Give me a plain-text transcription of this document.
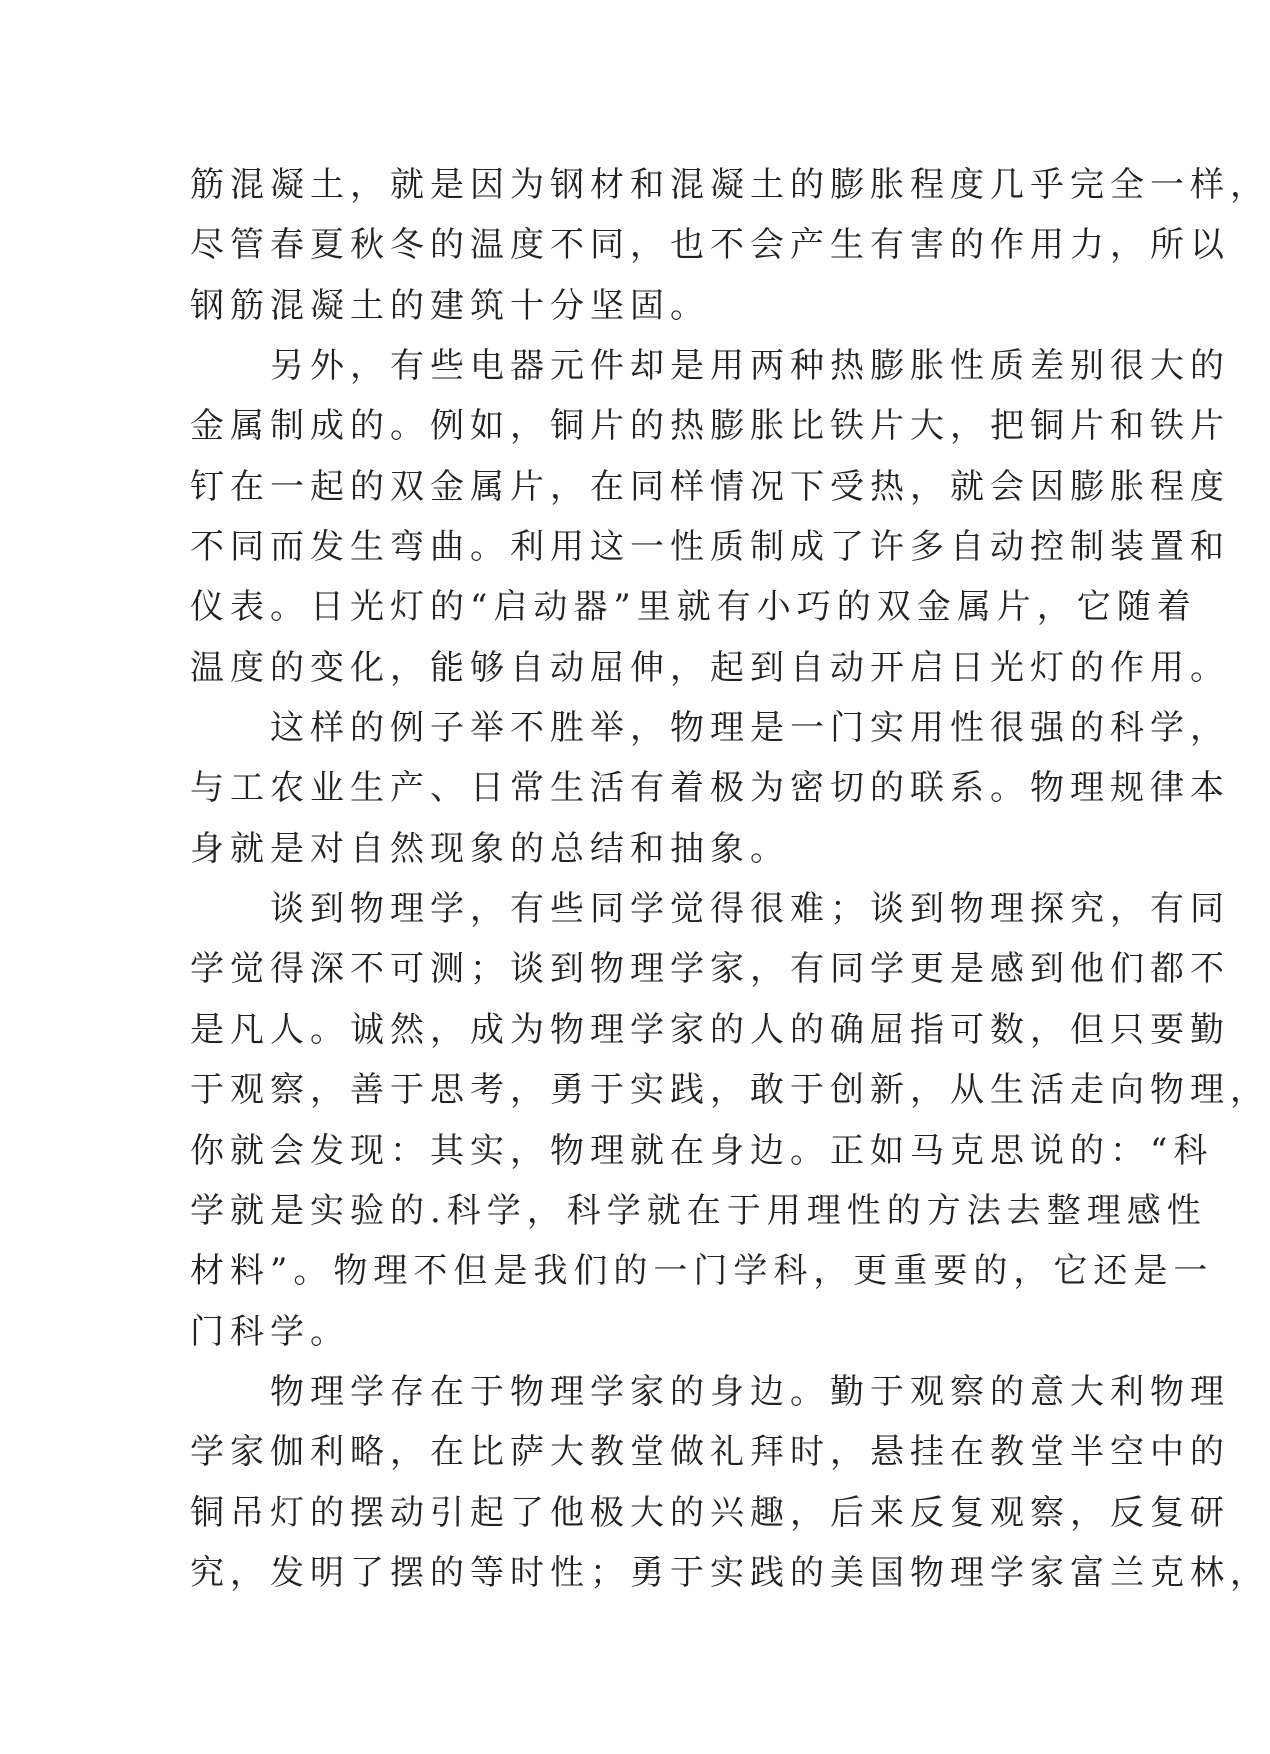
筋混凝土，就是因为钢材和混凝土的膨胀程度几乎完全一样，
尽管春夏秋冬的温度不同，也不会产生有害的作用力，所以
钢筋混凝土的建筑十分坚固。
　　另外，有些电器元件却是用两种热膨胀性质差别很大的
金属制成的。例如，铜片的热膨胀比铁片大，把铜片和铁片
钉在一起的双金属片，在同样情况下受热，就会因膨胀程度
不同而发生弯曲。利用这一性质制成了许多自动控制装置和
仪表。日光灯的“启动器”里就有小巧的双金属片，它随着
温度的变化，能够自动屈伸，起到自动开启日光灯的作用。
　　这样的例子举不胜举，物理是一门实用性很强的科学，
与工农业生产、日常生活有着极为密切的联系。物理规律本
身就是对自然现象的总结和抽象。
　　谈到物理学，有些同学觉得很难；谈到物理探究，有同
学觉得深不可测；谈到物理学家，有同学更是感到他们都不
是凡人。诚然，成为物理学家的人的确屈指可数，但只要勤
于观察，善于思考，勇于实践，敢于创新，从生活走向物理，
你就会发现：其实，物理就在身边。正如马克思说的：“科
学就是实验的.科学，科学就在于用理性的方法去整理感性
材料”。物理不但是我们的一门学科，更重要的，它还是一
门科学。
　　物理学存在于物理学家的身边。勤于观察的意大利物理
学家伽利略，在比萨大教堂做礼拜时，悬挂在教堂半空中的
铜吊灯的摆动引起了他极大的兴趣，后来反复观察，反复研
究，发明了摆的等时性；勇于实践的美国物理学家富兰克林，
